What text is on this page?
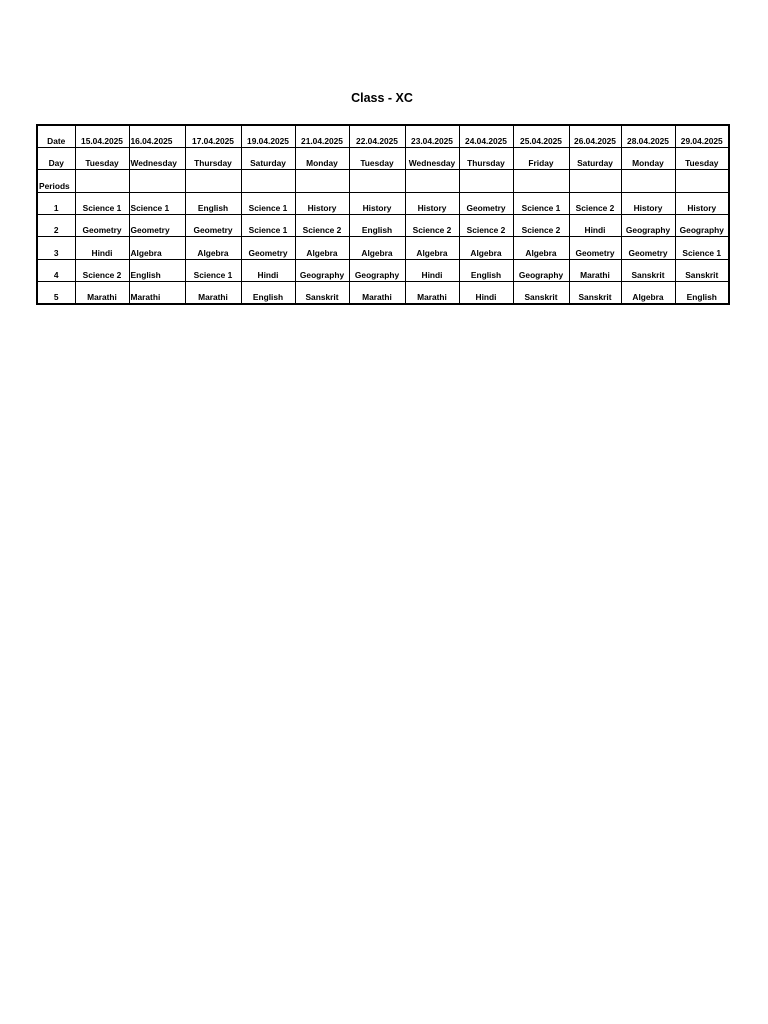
Class - XC
Date	15.04.2025	16.04.2025	17.04.2025	19.04.2025	21.04.2025	22.04.2025	23.04.2025	24.04.2025	25.04.2025	26.04.2025	28.04.2025	29.04.2025
Day	Tuesday	Wednesday	Thursday	Saturday	Monday	Tuesday	Wednesday	Thursday	Friday	Saturday	Monday	Tuesday
Periods												
1	Science 1	Science 1	English	Science 1	History	History	History	Geometry	Science 1	Science 2	History	History
2	Geometry	Geometry	Geometry	Science 1	Science 2	English	Science 2	Science 2	Science 2	Hindi	Geography	Geography
3	Hindi	Algebra	Algebra	Geometry	Algebra	Algebra	Algebra	Algebra	Algebra	Geometry	Geometry	Science 1
4	Science 2	English	Science 1	Hindi	Geography	Geography	Hindi	English	Geography	Marathi	Sanskrit	Sanskrit
5	Marathi	Marathi	Marathi	English	Sanskrit	Marathi	Marathi	Hindi	Sanskrit	Sanskrit	Algebra	English
